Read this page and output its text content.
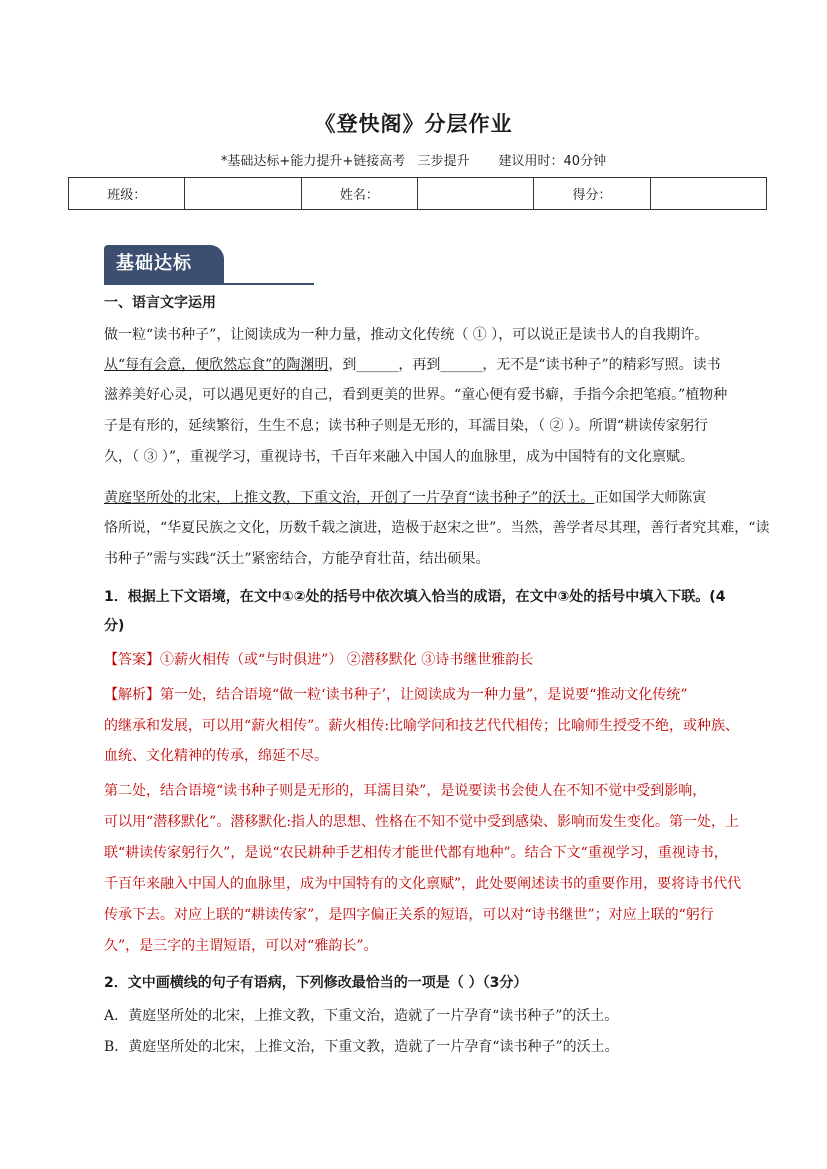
《登快阁》分层作业
*基础达标+能力提升+链接高考   三步提升       建议用时：40分钟
班级：		姓名：		得分：	
基础达标
一、语言文字运用
做一粒“读书种子”，让阅读成为一种力量，推动文化传统（ ① ），可以说正是读书人的自我期许。
从“每有会意，便欣然忘食”的陶渊明，到______，再到______，无不是“读书种子”的精彩写照。读书
滋养美好心灵，可以遇见更好的自己，看到更美的世界。“童心便有爱书癖，手指今余把笔痕。”植物种
子是有形的，延续繁衍，生生不息；读书种子则是无形的，耳濡目染，（ ② ）。所谓“耕读传家躬行
久，（ ③ ）”，重视学习，重视诗书，千百年来融入中国人的血脉里，成为中国特有的文化禀赋。
黄庭坚所处的北宋，上推文教，下重文治，开创了一片孕育“读书种子”的沃土。正如国学大师陈寅
恪所说，“华夏民族之文化，历数千载之演进，造极于赵宋之世”。当然，善学者尽其理，善行者究其难，“读
书种子”需与实践“沃土”紧密结合，方能孕育壮苗，结出硕果。
1．根据上下文语境，在文中①②处的括号中依次填入恰当的成语，在文中③处的括号中填入下联。(4
分)
【答案】①薪火相传（或“与时俱进”） ②潜移默化 ③诗书继世雅韵长
【解析】第一处，结合语境“做一粒‘读书种子’，让阅读成为一种力量”，是说要“推动文化传统”
的继承和发展，可以用“薪火相传”。薪火相传:比喻学问和技艺代代相传；比喻师生授受不绝，或种族、
血统、文化精神的传承，绵延不尽。
第二处，结合语境“读书种子则是无形的，耳濡目染”，是说要读书会使人在不知不觉中受到影响，
可以用“潜移默化”。潜移默化:指人的思想、性格在不知不觉中受到感染、影响而发生变化。第一处，上
联“耕读传家躬行久”，是说“农民耕种手艺相传才能世代都有地种”。结合下文“重视学习，重视诗书，
千百年来融入中国人的血脉里，成为中国特有的文化禀赋”，此处要阐述读书的重要作用，要将诗书代代
传承下去。对应上联的“耕读传家”，是四字偏正关系的短语，可以对“诗书继世”；对应上联的“躬行
久”，是三字的主谓短语，可以对“雅韵长”。
2．文中画横线的句子有语病，下列修改最恰当的一项是（ ）（3分）
A．黄庭坚所处的北宋，上推文教，下重文治，造就了一片孕育“读书种子”的沃土。
B．黄庭坚所处的北宋，上推文治，下重文教，造就了一片孕育“读书种子”的沃土。
